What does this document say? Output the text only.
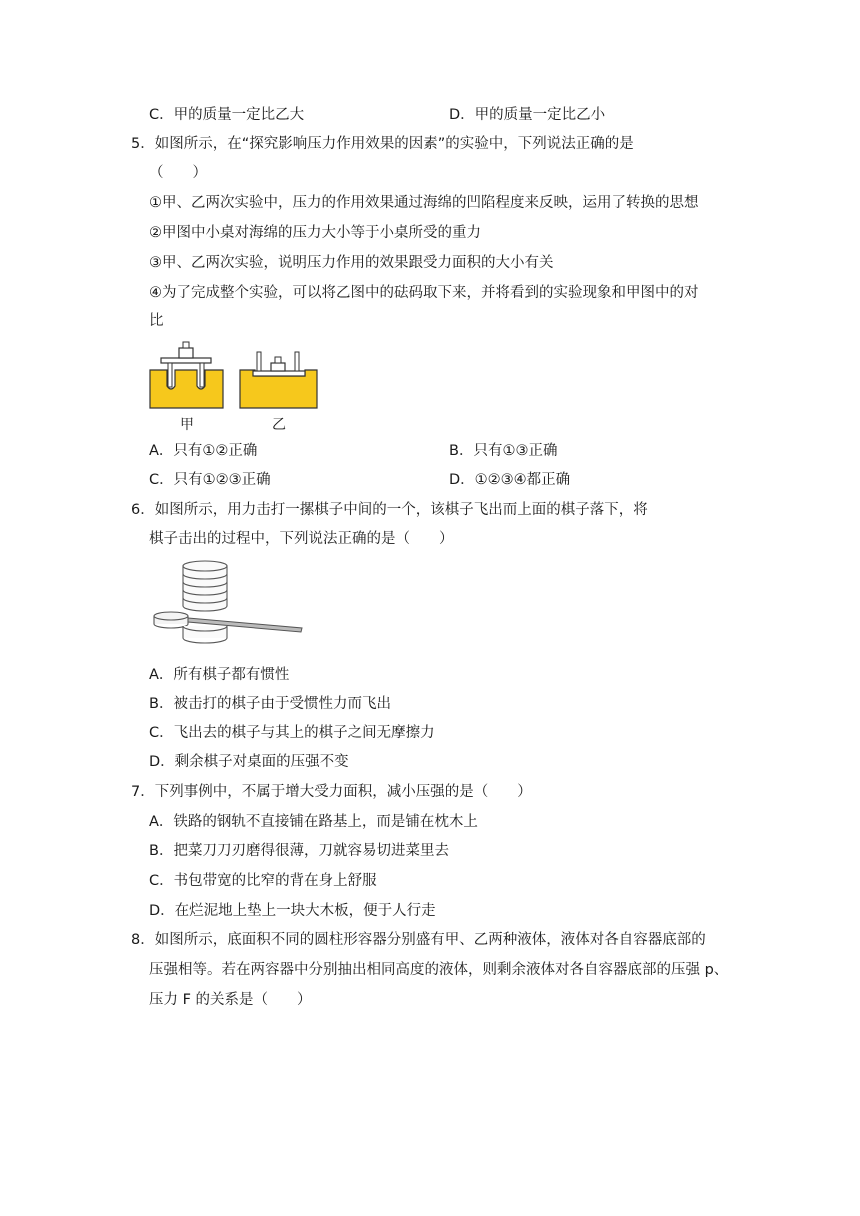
C．甲的质量一定比乙大	D．甲的质量一定比乙小
5．如图所示，在“探究影响压力作用效果的因素”的实验中，下列说法正确的是
（　　）
①甲、乙两次实验中，压力的作用效果通过海绵的凹陷程度来反映，运用了转换的思想
②甲图中小桌对海绵的压力大小等于小桌所受的重力
③甲、乙两次实验，说明压力作用的效果跟受力面积的大小有关
④为了完成整个实验，可以将乙图中的砝码取下来，并将看到的实验现象和甲图中的对
比
甲	乙
A．只有①②正确	B．只有①③正确
C．只有①②③正确	D．①②③④都正确
6．如图所示，用力击打一摞棋子中间的一个，该棋子飞出而上面的棋子落下，将
棋子击出的过程中，下列说法正确的是（　　）
A．所有棋子都有惯性
B．被击打的棋子由于受惯性力而飞出
C．飞出去的棋子与其上的棋子之间无摩擦力
D．剩余棋子对桌面的压强不变
7．下列事例中，不属于增大受力面积，减小压强的是（　　）
A．铁路的钢轨不直接铺在路基上，而是铺在枕木上
B．把菜刀刀刃磨得很薄，刀就容易切进菜里去
C．书包带宽的比窄的背在身上舒服
D．在烂泥地上垫上一块大木板，便于人行走
8．如图所示，底面积不同的圆柱形容器分别盛有甲、乙两种液体，液体对各自容器底部的
压强相等。若在两容器中分别抽出相同高度的液体，则剩余液体对各自容器底部的压强 p、
压力 F 的关系是（　　）
